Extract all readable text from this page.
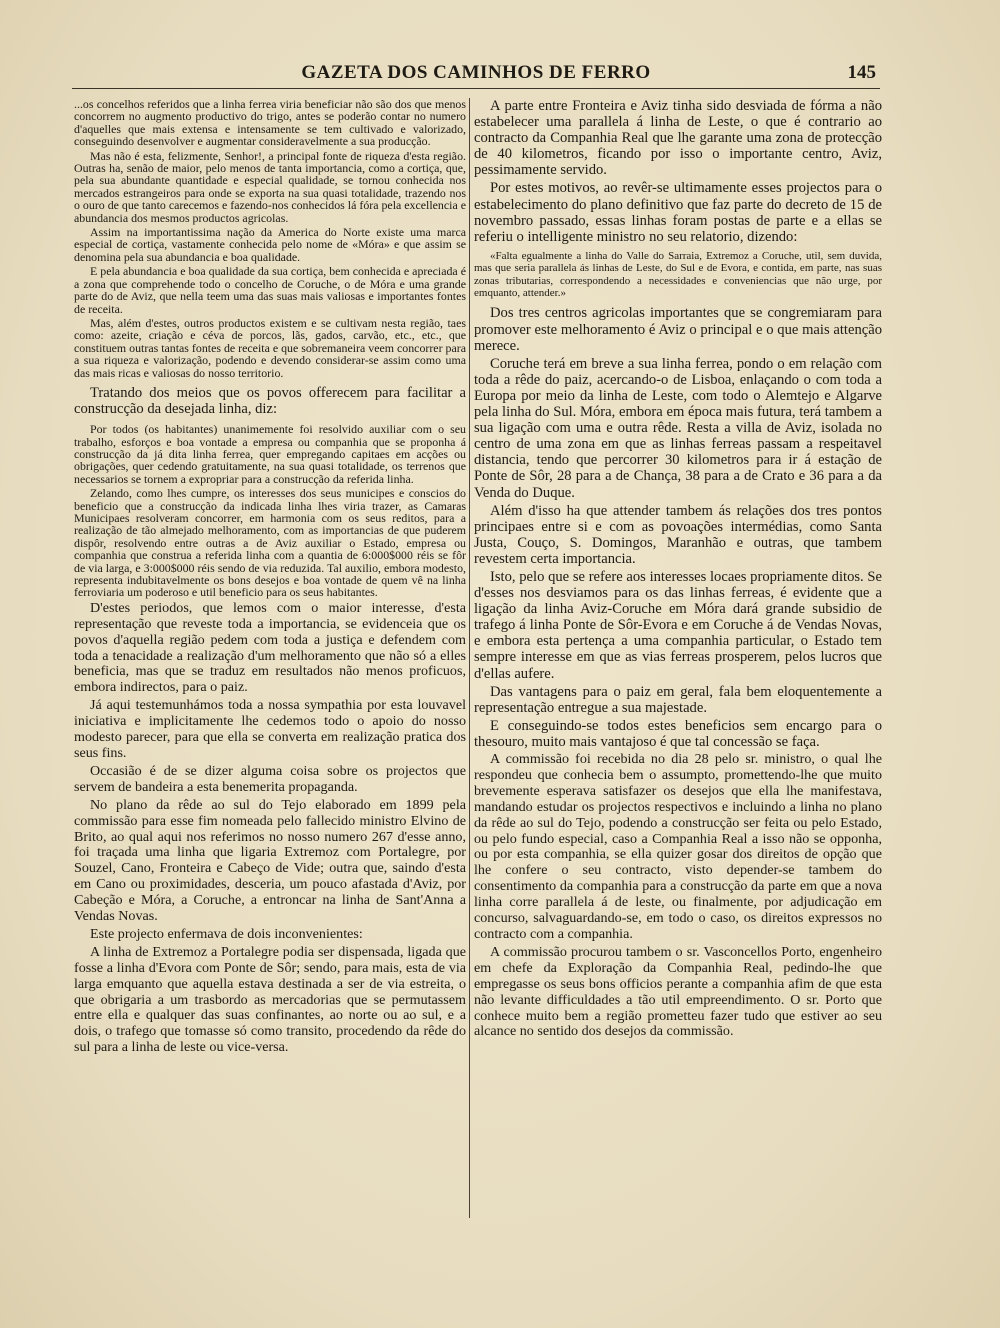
GAZETA DOS CAMINHOS DE FERRO	145

...os concelhos referidos que a linha ferrea viria beneficiar não são dos que menos concorrem no augmento productivo do trigo, antes se poderão contar no numero d'aquelles que mais extensa e intensamente se tem cultivado e valorizado, conseguindo desenvolver e augmentar consideravelmente a sua producção.

Mas não é esta, felizmente, Senhor!, a principal fonte de riqueza d'esta região. Outras ha, senão de maior, pelo menos de tanta importancia, como a cortiça, que, pela sua abundante quantidade e especial qualidade, se tornou conhecida nos mercados estrangeiros para onde se exporta na sua quasi totalidade, trazendo nos o ouro de que tanto carecemos e fazendo-nos conhecidos lá fóra pela excellencia e abundancia dos mesmos productos agricolas.

Assim na importantissima nação da America do Norte existe uma marca especial de cortiça, vastamente conhecida pelo nome de «Móra» e que assim se denomina pela sua abundancia e boa qualidade.

E pela abundancia e boa qualidade da sua cortiça, bem conhecida e apreciada é a zona que comprehende todo o concelho de Coruche, o de Móra e uma grande parte do de Aviz, que nella teem uma das suas mais valiosas e importantes fontes de receita.

Mas, além d'estes, outros productos existem e se cultivam nesta região, taes como: azeite, criação e céva de porcos, lãs, gados, carvão, etc., etc., que constituem outras tantas fontes de receita e que sobremaneira veem concorrer para a sua riqueza e valorização, podendo e devendo considerar-se assim como uma das mais ricas e valiosas do nosso territorio.

Tratando dos meios que os povos offerecem para facilitar a construcção da desejada linha, diz:

Por todos (os habitantes) unanimemente foi resolvido auxiliar com o seu trabalho, esforços e boa vontade a empresa ou companhia que se proponha á construcção da já dita linha ferrea, quer empregando capitaes em acções ou obrigações, quer cedendo gratuitamente, na sua quasi totalidade, os terrenos que necessarios se tornem a expropriar para a construcção da referida linha.

Zelando, como lhes cumpre, os interesses dos seus municipes e conscios do beneficio que a construcção da indicada linha lhes viria trazer, as Camaras Municipaes resolveram concorrer, em harmonia com os seus reditos, para a realização de tão almejado melhoramento, com as importancias de que puderem dispôr, resolvendo entre outras a de Aviz auxiliar o Estado, empresa ou companhia que construa a referida linha com a quantia de 6:000$000 réis se fôr de via larga, e 3:000$000 réis sendo de via reduzida. Tal auxilio, embora modesto, representa indubitavelmente os bons desejos e boa vontade de quem vê na linha ferroviaria um poderoso e util beneficio para os seus habitantes.

D'estes periodos, que lemos com o maior interesse, d'esta representação que reveste toda a importancia, se evidenceia que os povos d'aquella região pedem com toda a justiça e defendem com toda a tenacidade a realização d'um melhoramento que não só a elles beneficia, mas que se traduz em resultados não menos proficuos, embora indirectos, para o paiz.

Já aqui testemunhámos toda a nossa sympathia por esta louvavel iniciativa e implicitamente lhe cedemos todo o apoio do nosso modesto parecer, para que ella se converta em realização pratica dos seus fins.

Occasião é de se dizer alguma coisa sobre os projectos que servem de bandeira a esta benemerita propaganda.

No plano da rêde ao sul do Tejo elaborado em 1899 pela commissão para esse fim nomeada pelo fallecido ministro Elvino de Brito, ao qual aqui nos referimos no nosso numero 267 d'esse anno, foi traçada uma linha que ligaria Extremoz com Portalegre, por Souzel, Cano, Fronteira e Cabeço de Vide; outra que, saindo d'esta em Cano ou proximidades, desceria, um pouco afastada d'Aviz, por Cabeção e Móra, a Coruche, a entroncar na linha de Sant'Anna a Vendas Novas.

Este projecto enfermava de dois inconvenientes:

A linha de Extremoz a Portalegre podia ser dispensada, ligada que fosse a linha d'Evora com Ponte de Sôr; sendo, para mais, esta de via larga emquanto que aquella estava destinada a ser de via estreita, o que obrigaria a um trasbordo as mercadorias que se permutassem entre ella e qualquer das suas confinantes, ao norte ou ao sul, e a dois, o trafego que tomasse só como transito, procedendo da rêde do sul para a linha de leste ou vice-versa.

A parte entre Fronteira e Aviz tinha sido desviada de fórma a não estabelecer uma parallela á linha de Leste, o que é contrario ao contracto da Companhia Real que lhe garante uma zona de protecção de 40 kilometros, ficando por isso o importante centro, Aviz, pessimamente servido.

Por estes motivos, ao revêr-se ultimamente esses projectos para o estabelecimento do plano definitivo que faz parte do decreto de 15 de novembro passado, essas linhas foram postas de parte e a ellas se referiu o intelligente ministro no seu relatorio, dizendo:

«Falta egualmente a linha do Valle do Sarraia, Extremoz a Coruche, util, sem duvida, mas que seria parallela ás linhas de Leste, do Sul e de Evora, e contida, em parte, nas suas zonas tributarias, correspondendo a necessidades e conveniencias que não urge, por emquanto, attender.»

Dos tres centros agricolas importantes que se congremiaram para promover este melhoramento é Aviz o principal e o que mais attenção merece.

Coruche terá em breve a sua linha ferrea, pondo o em relação com toda a rêde do paiz, acercando-o de Lisboa, enlaçando o com toda a Europa por meio da linha de Leste, com todo o Alemtejo e Algarve pela linha do Sul. Móra, embora em época mais futura, terá tambem a sua ligação com uma e outra rêde. Resta a villa de Aviz, isolada no centro de uma zona em que as linhas ferreas passam a respeitavel distancia, tendo que percorrer 30 kilometros para ir á estação de Ponte de Sôr, 28 para a de Chança, 38 para a de Crato e 36 para a da Venda do Duque.

Além d'isso ha que attender tambem ás relações dos tres pontos principaes entre si e com as povoações intermédias, como Santa Justa, Couço, S. Domingos, Maranhão e outras, que tambem revestem certa importancia.

Isto, pelo que se refere aos interesses locaes propriamente ditos. Se d'esses nos desviamos para os das linhas ferreas, é evidente que a ligação da linha Aviz-Coruche em Móra dará grande subsidio de trafego á linha Ponte de Sôr-Evora e em Coruche á de Vendas Novas, e embora esta pertença a uma companhia particular, o Estado tem sempre interesse em que as vias ferreas prosperem, pelos lucros que d'ellas aufere.

Das vantagens para o paiz em geral, fala bem eloquentemente a representação entregue a sua majestade.

E conseguindo-se todos estes beneficios sem encargo para o thesouro, muito mais vantajoso é que tal concessão se faça.

A commissão foi recebida no dia 28 pelo sr. ministro, o qual lhe respondeu que conhecia bem o assumpto, promettendo-lhe que muito brevemente esperava satisfazer os desejos que ella lhe manifestava, mandando estudar os projectos respectivos e incluindo a linha no plano da rêde ao sul do Tejo, podendo a construcção ser feita ou pelo Estado, ou pelo fundo especial, caso a Companhia Real a isso não se opponha, ou por esta companhia, se ella quizer gosar dos direitos de opção que lhe confere o seu contracto, visto depender-se tambem do consentimento da companhia para a construcção da parte em que a nova linha corre parallela á de leste, ou finalmente, por adjudicação em concurso, salvaguardando-se, em todo o caso, os direitos expressos no contracto com a companhia.

A commissão procurou tambem o sr. Vasconcellos Porto, engenheiro em chefe da Exploração da Companhia Real, pedindo-lhe que empregasse os seus bons officios perante a companhia afim de que esta não levante difficuldades a tão util empreendimento. O sr. Porto que conhece muito bem a região prometteu fazer tudo que estiver ao seu alcance no sentido dos desejos da commissão.
